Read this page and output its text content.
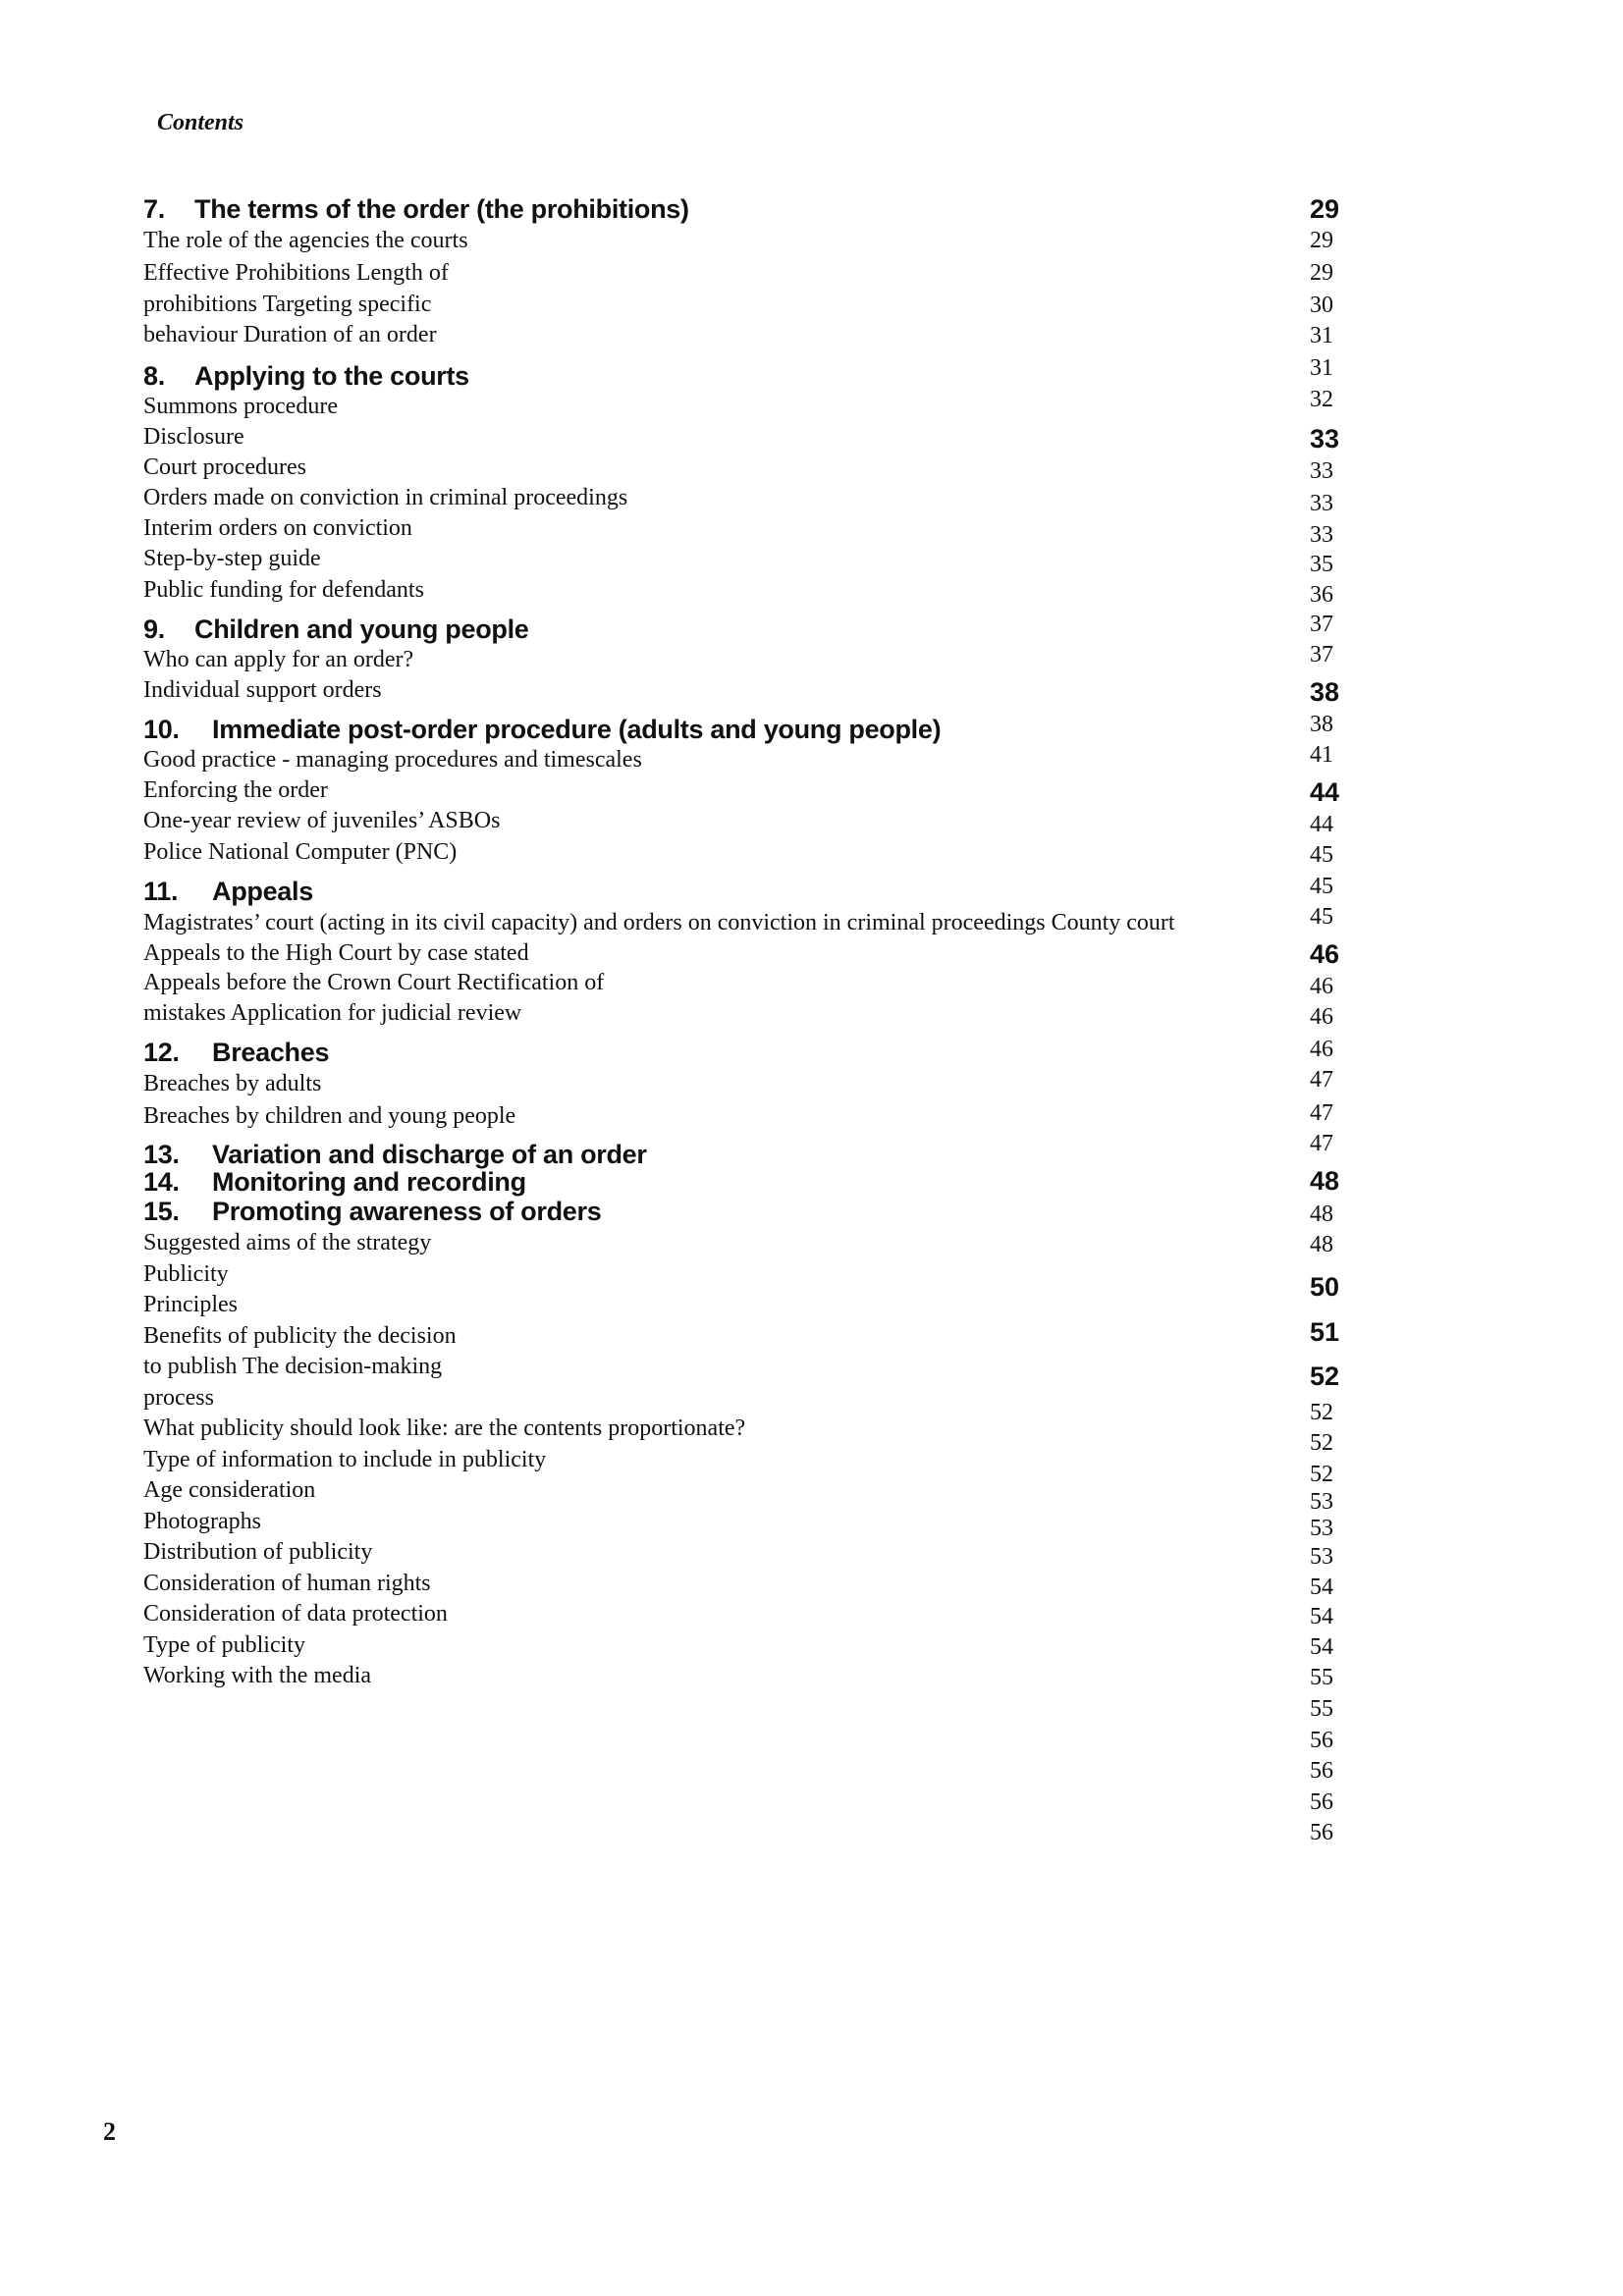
Contents
7. The terms of the order (the prohibitions)
The role of the agencies the courts
Effective Prohibitions Length of
prohibitions Targeting specific
behaviour Duration of an order
8. Applying to the courts
Summons procedure
Disclosure
Court procedures
Orders made on conviction in criminal proceedings
Interim orders on conviction
Step-by-step guide
Public funding for defendants
9. Children and young people
Who can apply for an order?
Individual support orders
10. Immediate post-order procedure (adults and young people)
Good practice - managing procedures and timescales
Enforcing the order
One-year review of juveniles’ ASBOs
Police National Computer (PNC)
11. Appeals
Magistrates’ court (acting in its civil capacity) and orders on conviction in criminal proceedings County court
Appeals to the High Court by case stated
Appeals before the Crown Court Rectification of
mistakes Application for judicial review
12. Breaches
Breaches by adults
Breaches by children and young people
13. Variation and discharge of an order
14. Monitoring and recording
15. Promoting awareness of orders
Suggested aims of the strategy
Publicity
Principles
Benefits of publicity the decision
to publish The decision-making
process
What publicity should look like: are the contents proportionate?
Type of information to include in publicity
Age consideration
Photographs
Distribution of publicity
Consideration of human rights
Consideration of data protection
Type of publicity
Working with the media
29
29
29
30
31
31
32
33
33
33
33
35
36
37
37
38
38
41
44
44
45
45
45
46
46
46
46
47
47
47
48
48
48
50
51
52
52
52
52
53
53
53
54
54
54
55
55
56
56
56
56
2
